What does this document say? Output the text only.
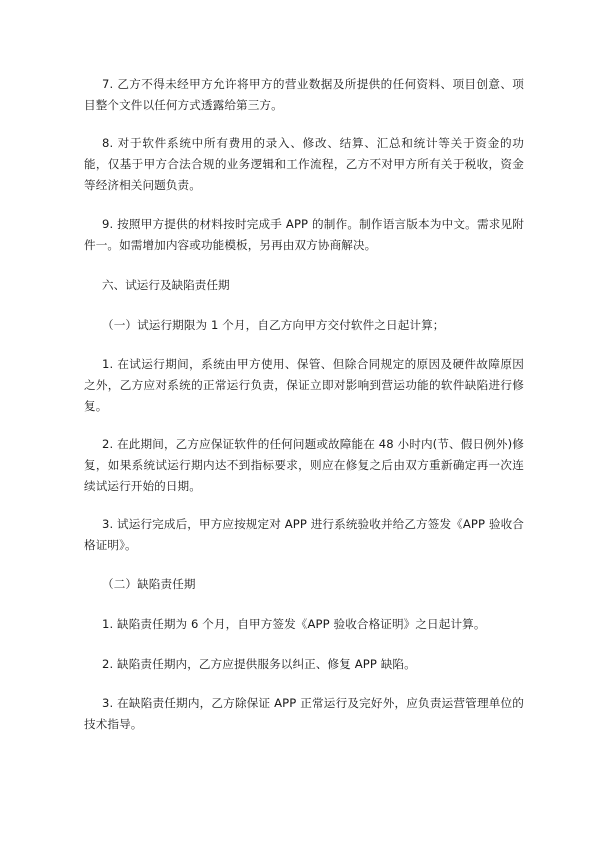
7. 乙方不得未经甲方允许将甲方的营业数据及所提供的任何资料、项目创意、项目整个文件以任何方式透露给第三方。

8. 对于软件系统中所有费用的录入、修改、结算、汇总和统计等关于资金的功能，仅基于甲方合法合规的业务逻辑和工作流程，乙方不对甲方所有关于税收，资金等经济相关问题负责。

9. 按照甲方提供的材料按时完成手 APP 的制作。制作语言版本为中文。需求见附件一。如需增加内容或功能模板，另再由双方协商解决。

六、试运行及缺陷责任期

（一）试运行期限为 1 个月，自乙方向甲方交付软件之日起计算；

1. 在试运行期间，系统由甲方使用、保管、但除合同规定的原因及硬件故障原因之外，乙方应对系统的正常运行负责，保证立即对影响到营运功能的软件缺陷进行修复。

2. 在此期间，乙方应保证软件的任何问题或故障能在 48 小时内(节、假日例外)修复，如果系统试运行期内达不到指标要求，则应在修复之后由双方重新确定再一次连续试运行开始的日期。

3. 试运行完成后，甲方应按规定对 APP 进行系统验收并给乙方签发《APP 验收合格证明》。

（二）缺陷责任期

1. 缺陷责任期为 6 个月，自甲方签发《APP 验收合格证明》之日起计算。

2. 缺陷责任期内，乙方应提供服务以纠正、修复 APP 缺陷。

3. 在缺陷责任期内，乙方除保证 APP 正常运行及完好外，应负责运营管理单位的技术指导。
